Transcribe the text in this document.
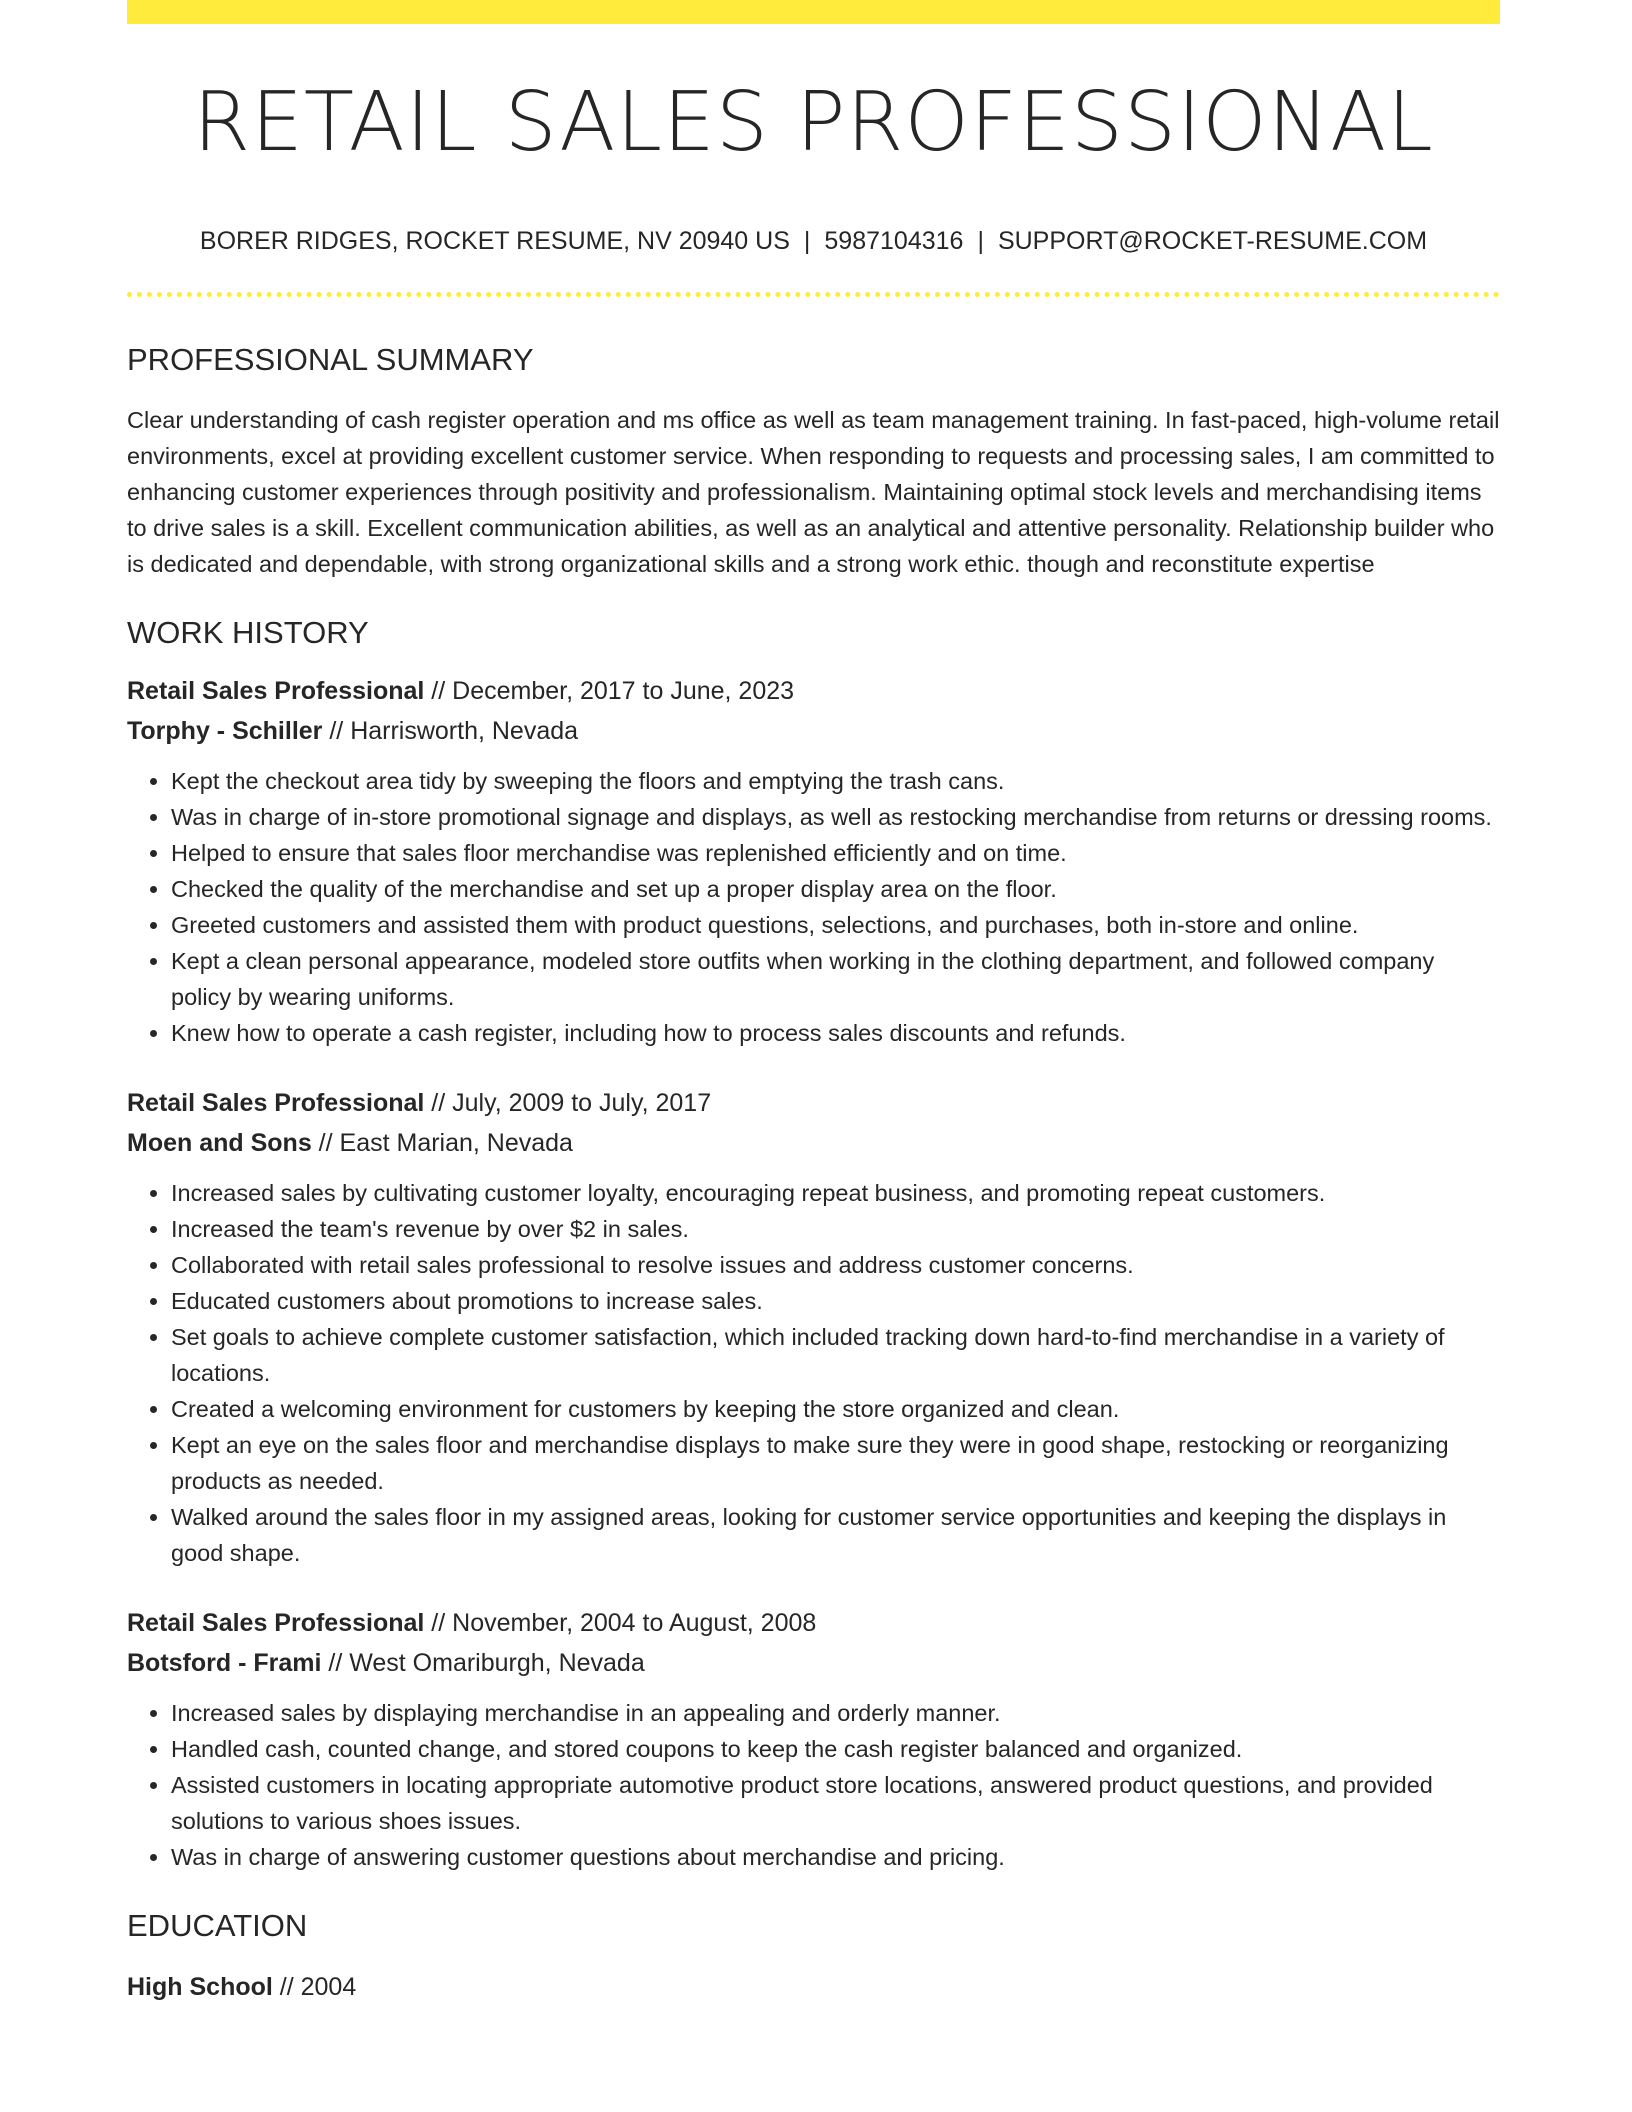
RETAIL SALES PROFESSIONAL
BORER RIDGES, ROCKET RESUME, NV 20940 US | 5987104316 | SUPPORT@ROCKET-RESUME.COM
PROFESSIONAL SUMMARY

Clear understanding of cash register operation and ms office as well as team management training. In fast-paced, high-volume retail environments, excel at providing excellent customer service. When responding to requests and processing sales, I am committed to enhancing customer experiences through positivity and professionalism. Maintaining optimal stock levels and merchandising items to drive sales is a skill. Excellent communication abilities, as well as an analytical and attentive personality. Relationship builder who is dedicated and dependable, with strong organizational skills and a strong work ethic. though and reconstitute expertise

WORK HISTORY
Retail Sales Professional // December, 2017 to June, 2023
Torphy - Schiller // Harrisworth, Nevada
• Kept the checkout area tidy by sweeping the floors and emptying the trash cans.
• Was in charge of in-store promotional signage and displays, as well as restocking merchandise from returns or dressing rooms.
• Helped to ensure that sales floor merchandise was replenished efficiently and on time.
• Checked the quality of the merchandise and set up a proper display area on the floor.
• Greeted customers and assisted them with product questions, selections, and purchases, both in-store and online.
• Kept a clean personal appearance, modeled store outfits when working in the clothing department, and followed company policy by wearing uniforms.
• Knew how to operate a cash register, including how to process sales discounts and refunds.
Retail Sales Professional // July, 2009 to July, 2017
Moen and Sons // East Marian, Nevada
• Increased sales by cultivating customer loyalty, encouraging repeat business, and promoting repeat customers.
• Increased the team's revenue by over $2 in sales.
• Collaborated with retail sales professional to resolve issues and address customer concerns.
• Educated customers about promotions to increase sales.
• Set goals to achieve complete customer satisfaction, which included tracking down hard-to-find merchandise in a variety of locations.
• Created a welcoming environment for customers by keeping the store organized and clean.
• Kept an eye on the sales floor and merchandise displays to make sure they were in good shape, restocking or reorganizing products as needed.
• Walked around the sales floor in my assigned areas, looking for customer service opportunities and keeping the displays in good shape.
Retail Sales Professional // November, 2004 to August, 2008
Botsford - Frami // West Omariburgh, Nevada
• Increased sales by displaying merchandise in an appealing and orderly manner.
• Handled cash, counted change, and stored coupons to keep the cash register balanced and organized.
• Assisted customers in locating appropriate automotive product store locations, answered product questions, and provided solutions to various shoes issues.
• Was in charge of answering customer questions about merchandise and pricing.
EDUCATION
High School // 2004
